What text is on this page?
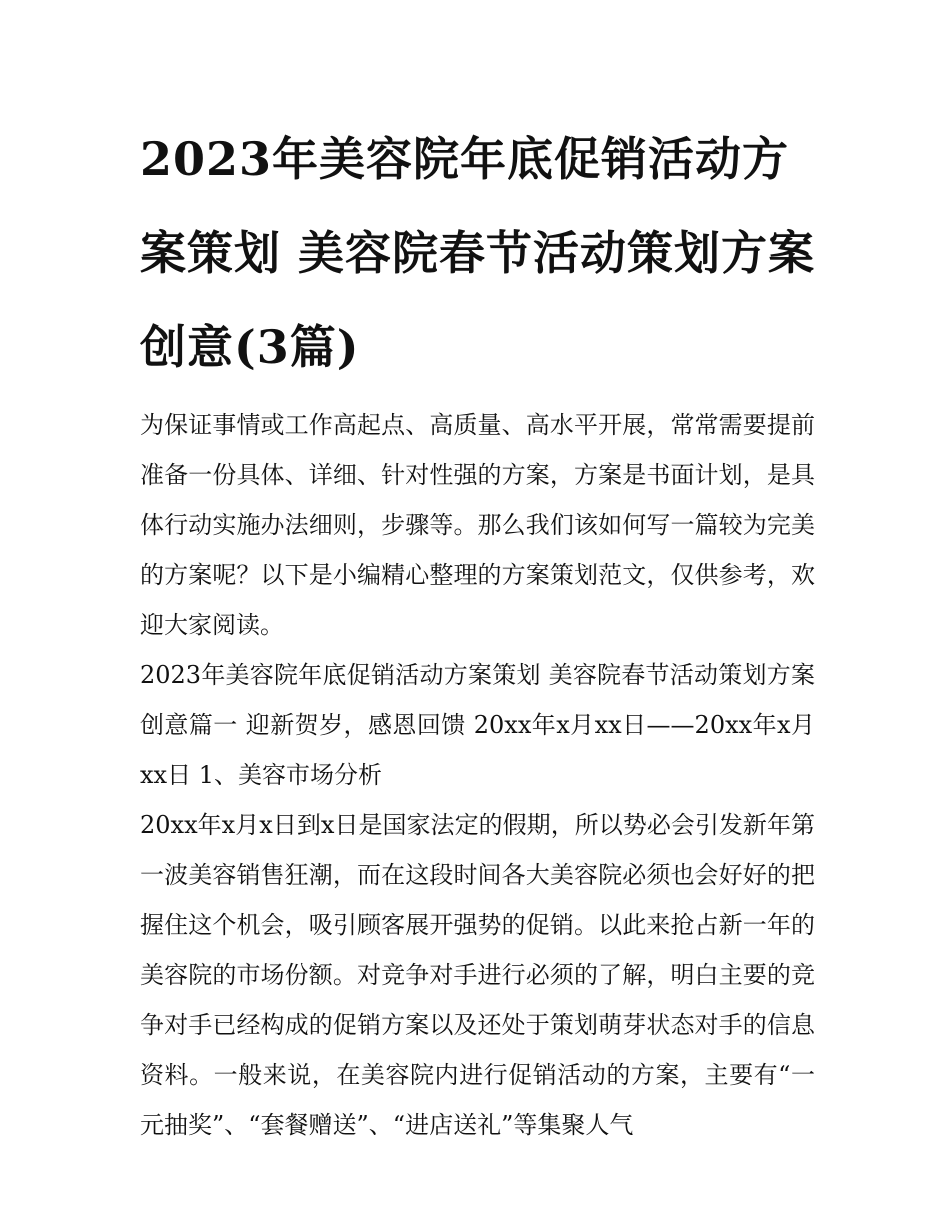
2023年美容院年底促销活动方案策划 美容院春节活动策划方案创意(3篇)

为保证事情或工作高起点、高质量、高水平开展，常常需要提前准备一份具体、详细、针对性强的方案，方案是书面计划，是具体行动实施办法细则，步骤等。那么我们该如何写一篇较为完美的方案呢？以下是小编精心整理的方案策划范文，仅供参考，欢迎大家阅读。

2023年美容院年底促销活动方案策划 美容院春节活动策划方案创意篇一 迎新贺岁，感恩回馈 20xx年x月xx日——20xx年x月xx日 1、美容市场分析

20xx年x月x日到x日是国家法定的假期，所以势必会引发新年第一波美容销售狂潮，而在这段时间各大美容院必须也会好好的把握住这个机会，吸引顾客展开强势的促销。以此来抢占新一年的美容院的市场份额。对竞争对手进行必须的了解，明白主要的竞争对手已经构成的促销方案以及还处于策划萌芽状态对手的信息资料。一般来说，在美容院内进行促销活动的方案，主要有“一元抽奖”、“套餐赠送”、“进店送礼”等集聚人气
